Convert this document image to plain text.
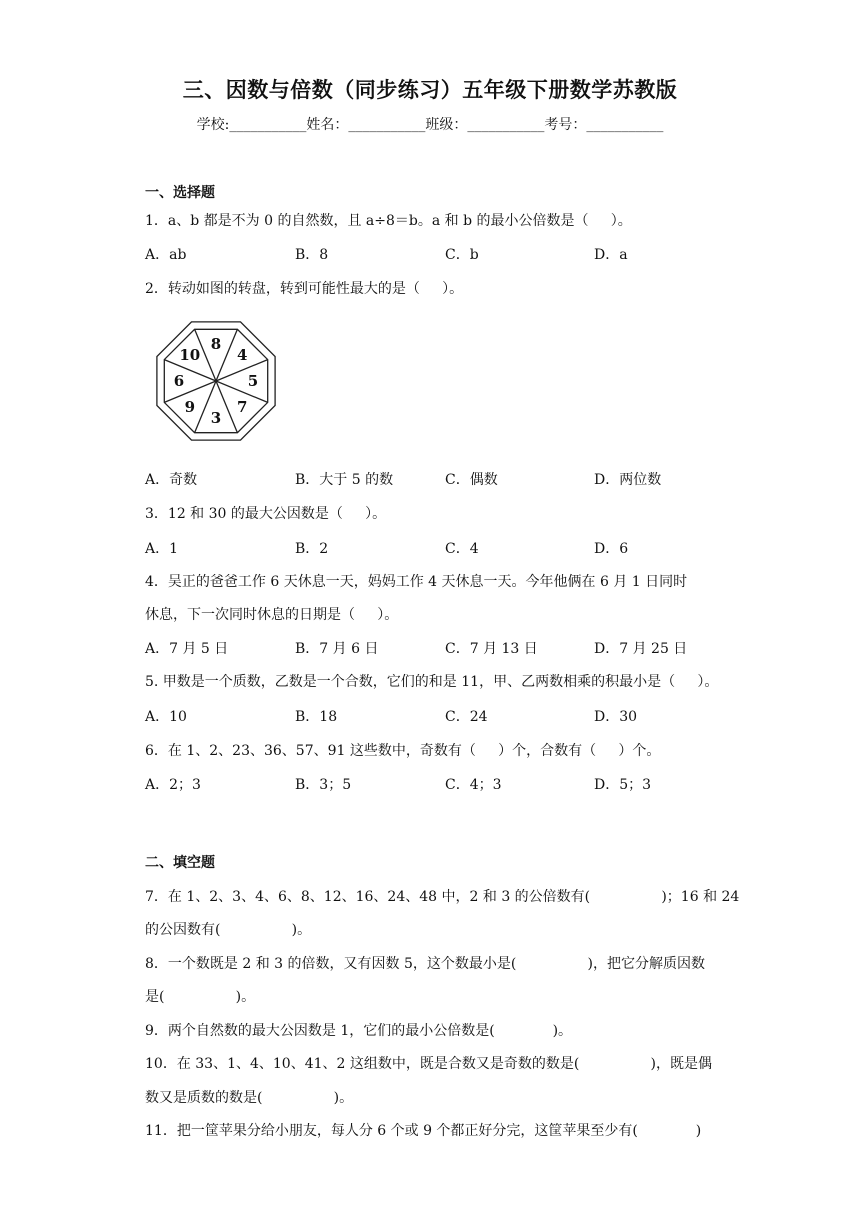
三、因数与倍数（同步练习）五年级下册数学苏教版
学校:___________姓名：___________班级：___________考号：___________
一、选择题
1．a、b 都是不为 0 的自然数，且 a÷8＝b。a 和 b 的最小公倍数是（     ）。
A．ab	B．8	C．b	D．a
2．转动如图的转盘，转到可能性最大的是（     ）。
8
4
5
7
3
9
6
10
A．奇数	B．大于 5 的数	C．偶数	D．两位数
3．12 和 30 的最大公因数是（     ）。
A．1	B．2	C．4	D．6
4．吴正的爸爸工作 6 天休息一天，妈妈工作 4 天休息一天。今年他俩在 6 月 1 日同时
休息，下一次同时休息的日期是（     ）。
A．7 月 5 日	B．7 月 6 日	C．7 月 13 日	D．7 月 25 日
5. 甲数是一个质数，乙数是一个合数，它们的和是 11，甲、乙两数相乘的积最小是（     ）。
A．10	B．18	C．24	D．30
6．在 1、2、23、36、57、91 这些数中，奇数有（     ）个，合数有（     ）个。
A．2；3	B．3；5	C．4；3	D．5；3
二、填空题
7．在 1、2、3、4、6、8、12、16、24、48 中，2 和 3 的公倍数有(                )；16 和 24
的公因数有(                )。
8．一个数既是 2 和 3 的倍数，又有因数 5，这个数最小是(                )，把它分解质因数
是(                )。
9．两个自然数的最大公因数是 1，它们的最小公倍数是(             )。
10．在 33、1、4、10、41、2 这组数中，既是合数又是奇数的数是(                )，既是偶
数又是质数的数是(                )。
11．把一筐苹果分给小朋友，每人分 6 个或 9 个都正好分完，这筐苹果至少有(             )
